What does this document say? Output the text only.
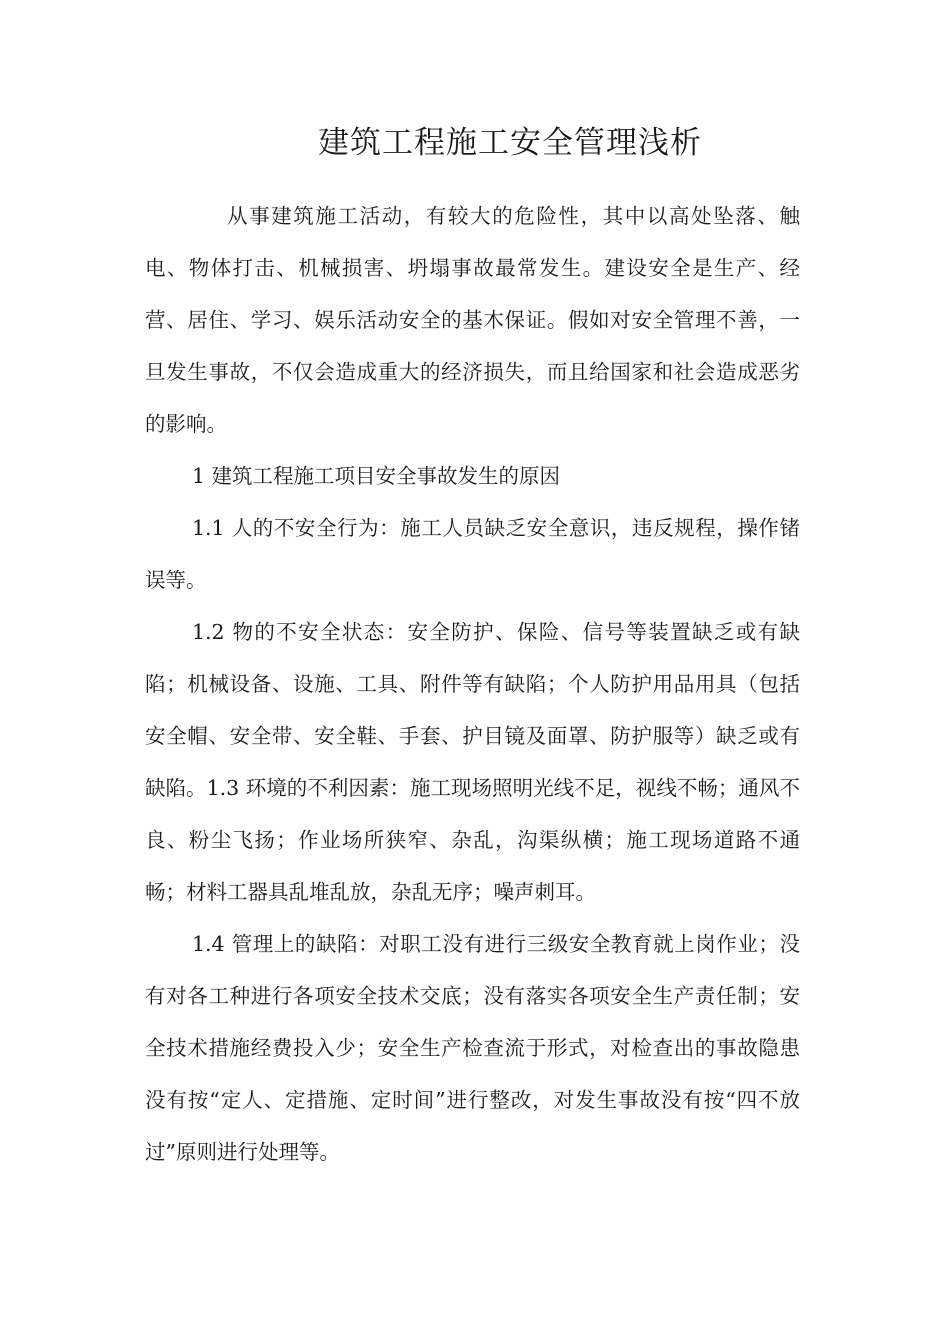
建筑工程施工安全管理浅析

从事建筑施工活动，有较大的危险性，其中以高处坠落、触电、物体打击、机械损害、坍塌事故最常发生。建设安全是生产、经营、居住、学习、娱乐活动安全的基木保证。假如对安全管理不善，一旦发生事故，不仅会造成重大的经济损失，而且给国家和社会造成恶劣的影响。

1 建筑工程施工项目安全事故发生的原因

1.1 人的不安全行为：施工人员缺乏安全意识，违反规程，操作锗误等。

1.2 物的不安全状态：安全防护、保险、信号等装置缺乏或有缺陷；机械设备、设施、工具、附件等有缺陷；个人防护用品用具（包括安全帽、安全带、安全鞋、手套、护目镜及面罩、防护服等）缺乏或有缺陷。1.3 环境的不利因素：施工现场照明光线不足，视线不畅；通风不良、粉尘飞扬；作业场所狭窄、杂乱，沟渠纵横；施工现场道路不通畅；材料工器具乱堆乱放，杂乱无序；噪声刺耳。

1.4 管理上的缺陷：对职工没有进行三级安全教育就上岗作业；没有对各工种进行各项安全技术交底；没有落实各项安全生产责任制；安全技术措施经费投入少；安全生产检查流于形式，对检查出的事故隐患没有按“定人、定措施、定时间”进行整改，对发生事故没有按“四不放过”原则进行处理等。
